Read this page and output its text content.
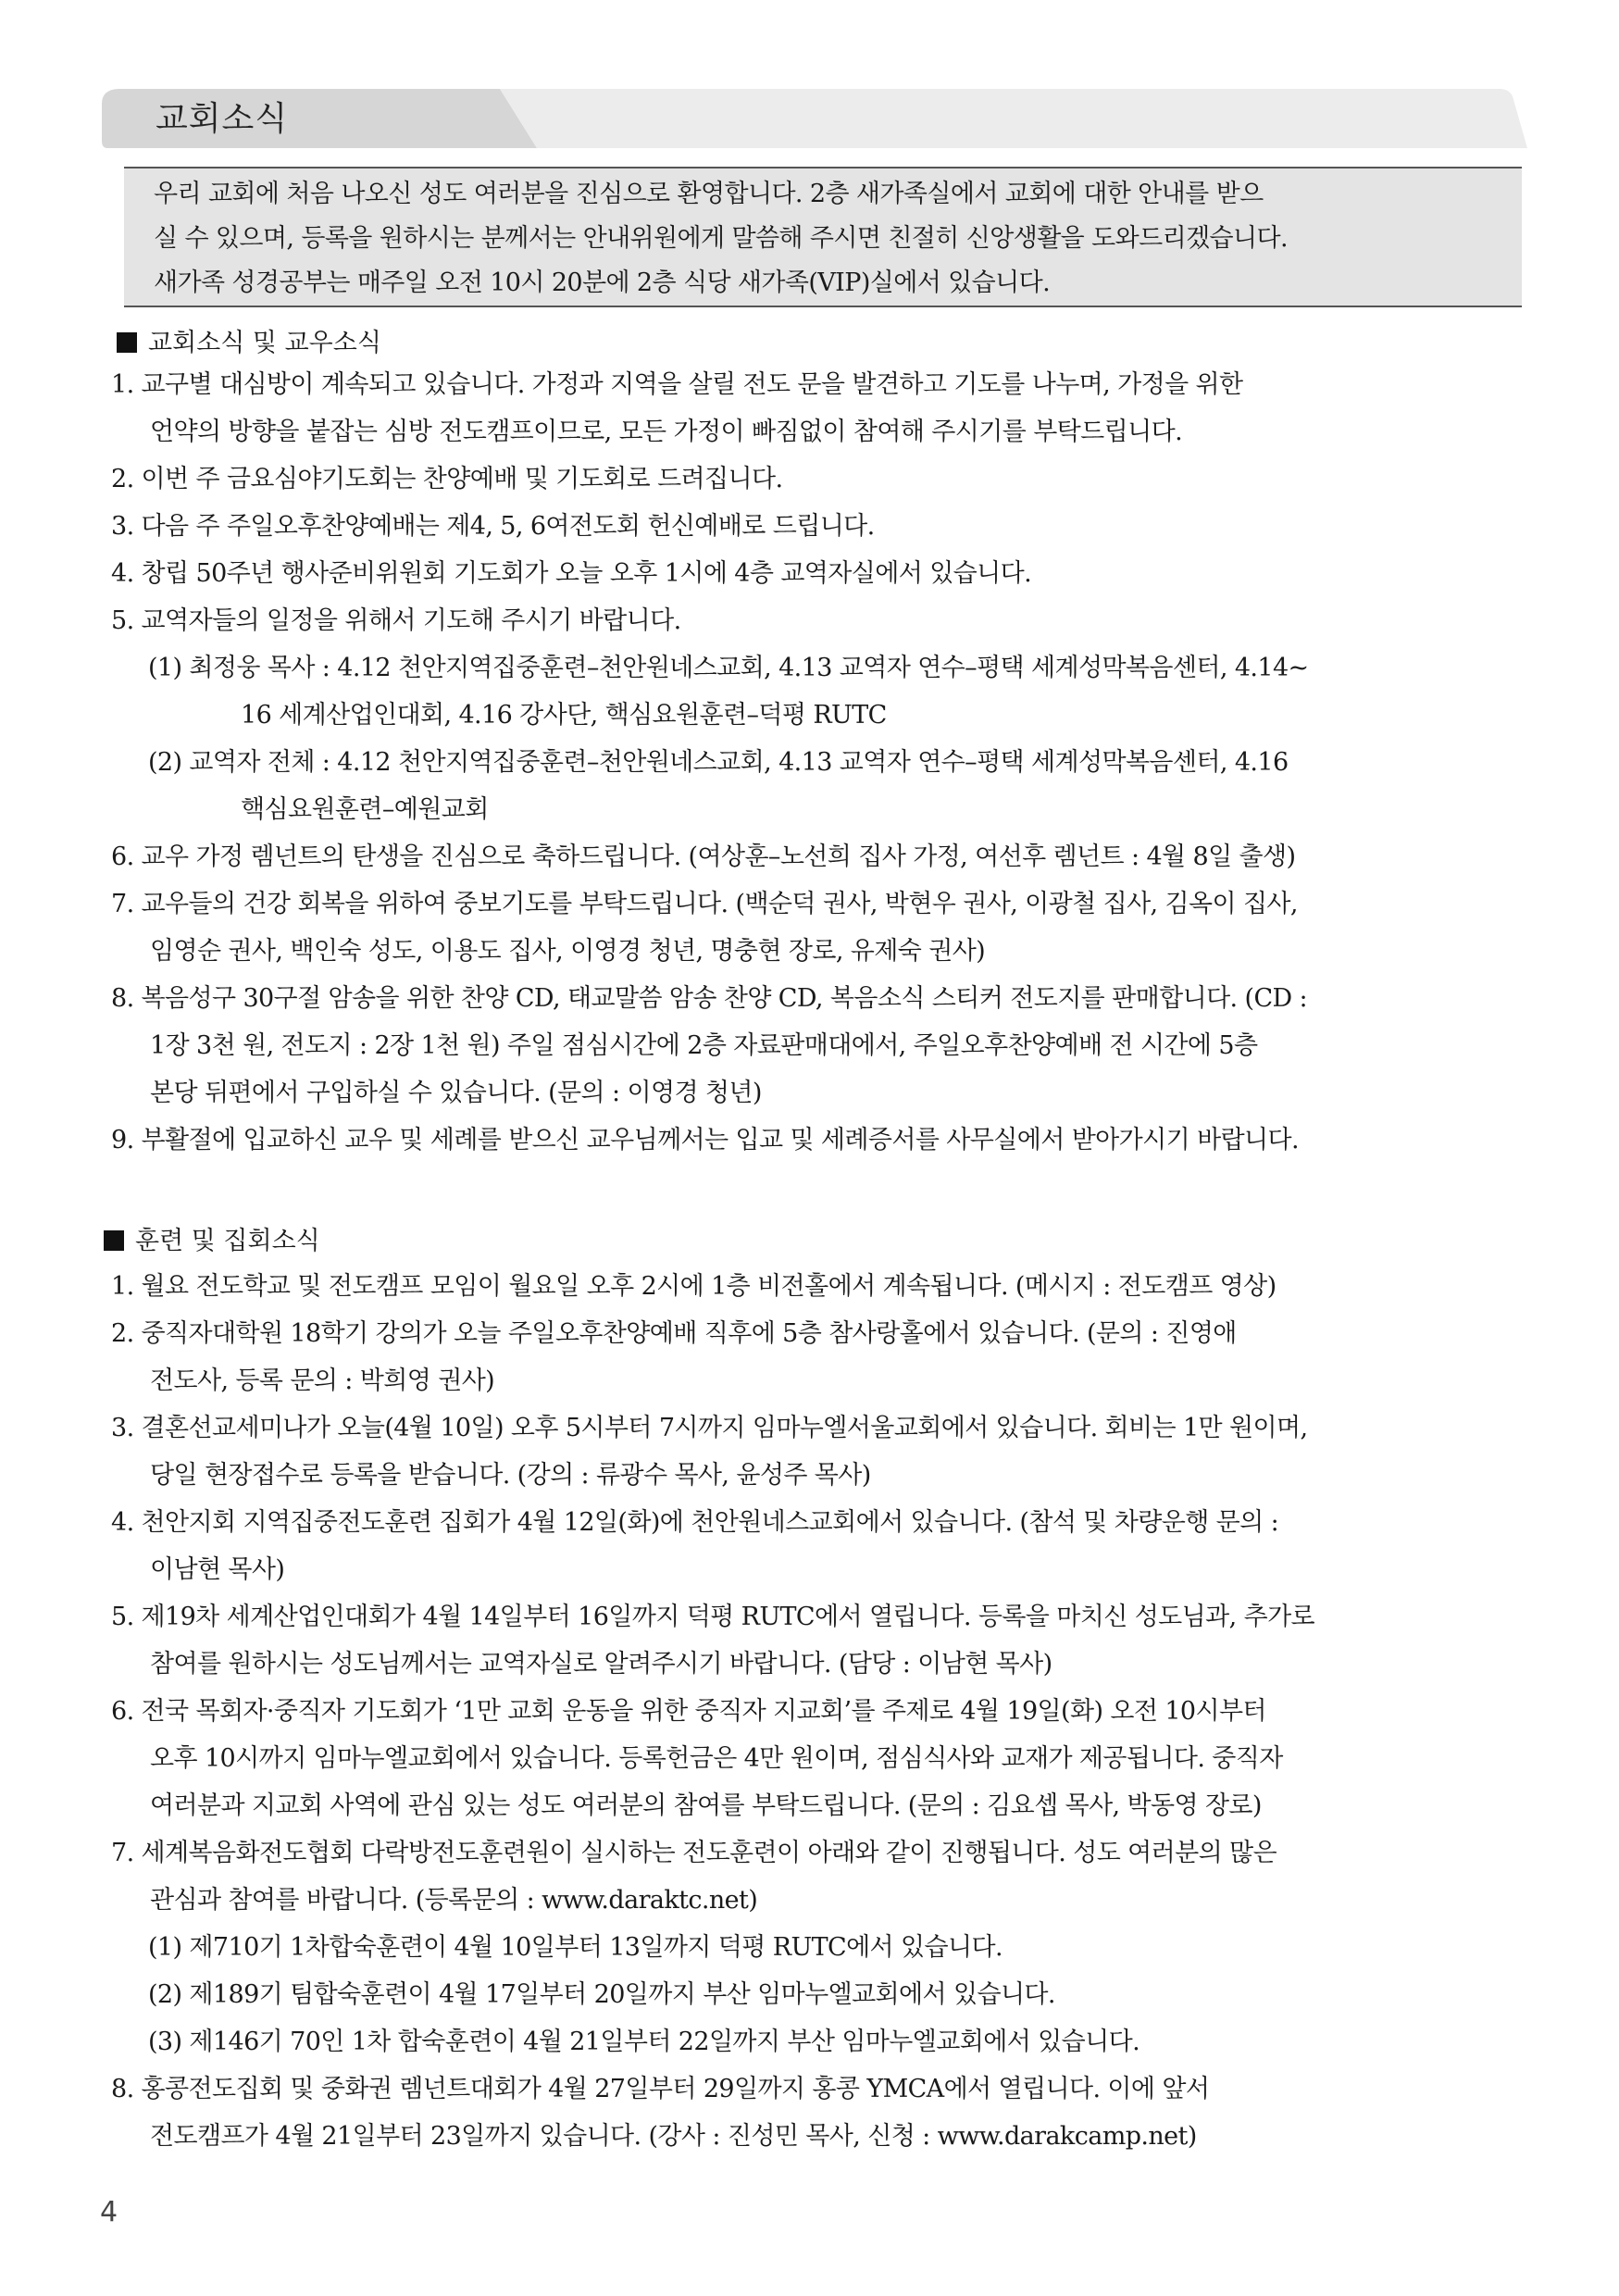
교회소식
우리 교회에 처음 나오신 성도 여러분을 진심으로 환영합니다. 2층 새가족실에서 교회에 대한 안내를 받으
실 수 있으며, 등록을 원하시는 분께서는 안내위원에게 말씀해 주시면 친절히 신앙생활을 도와드리겠습니다.
새가족 성경공부는 매주일 오전 10시 20분에 2층 식당 새가족(VIP)실에서 있습니다.
교회소식 및 교우소식
1. 교구별 대심방이 계속되고 있습니다. 가정과 지역을 살릴 전도 문을 발견하고 기도를 나누며, 가정을 위한
언약의 방향을 붙잡는 심방 전도캠프이므로, 모든 가정이 빠짐없이 참여해 주시기를 부탁드립니다.
2. 이번 주 금요심야기도회는 찬양예배 및 기도회로 드려집니다.
3. 다음 주 주일오후찬양예배는 제4, 5, 6여전도회 헌신예배로 드립니다.
4. 창립 50주년 행사준비위원회 기도회가 오늘 오후 1시에 4층 교역자실에서 있습니다.
5. 교역자들의 일정을 위해서 기도해 주시기 바랍니다.
(1) 최정웅 목사 : 4.12 천안지역집중훈련–천안원네스교회, 4.13 교역자 연수–평택 세계성막복음센터, 4.14~
16 세계산업인대회, 4.16 강사단, 핵심요원훈련–덕평 RUTC
(2) 교역자 전체 : 4.12 천안지역집중훈련–천안원네스교회, 4.13 교역자 연수–평택 세계성막복음센터, 4.16
핵심요원훈련–예원교회
6. 교우 가정 렘넌트의 탄생을 진심으로 축하드립니다. (여상훈–노선희 집사 가정, 여선후 렘넌트 : 4월 8일 출생)
7. 교우들의 건강 회복을 위하여 중보기도를 부탁드립니다. (백순덕 권사, 박현우 권사, 이광철 집사, 김옥이 집사,
임영순 권사, 백인숙 성도, 이용도 집사, 이영경 청년, 명충현 장로, 유제숙 권사)
8. 복음성구 30구절 암송을 위한 찬양 CD, 태교말씀 암송 찬양 CD, 복음소식 스티커 전도지를 판매합니다. (CD :
1장 3천 원, 전도지 : 2장 1천 원) 주일 점심시간에 2층 자료판매대에서, 주일오후찬양예배 전 시간에 5층
본당 뒤편에서 구입하실 수 있습니다. (문의 : 이영경 청년)
9. 부활절에 입교하신 교우 및 세례를 받으신 교우님께서는 입교 및 세례증서를 사무실에서 받아가시기 바랍니다.
훈련 및 집회소식
1. 월요 전도학교 및 전도캠프 모임이 월요일 오후 2시에 1층 비전홀에서 계속됩니다. (메시지 : 전도캠프 영상)
2. 중직자대학원 18학기 강의가 오늘 주일오후찬양예배 직후에 5층 참사랑홀에서 있습니다. (문의 : 진영애
전도사, 등록 문의 : 박희영 권사)
3. 결혼선교세미나가 오늘(4월 10일) 오후 5시부터 7시까지 임마누엘서울교회에서 있습니다. 회비는 1만 원이며,
당일 현장접수로 등록을 받습니다. (강의 : 류광수 목사, 윤성주 목사)
4. 천안지회 지역집중전도훈련 집회가 4월 12일(화)에 천안원네스교회에서 있습니다. (참석 및 차량운행 문의 :
이남현 목사)
5. 제19차 세계산업인대회가 4월 14일부터 16일까지 덕평 RUTC에서 열립니다. 등록을 마치신 성도님과, 추가로
참여를 원하시는 성도님께서는 교역자실로 알려주시기 바랍니다. (담당 : 이남현 목사)
6. 전국 목회자·중직자 기도회가 ‘1만 교회 운동을 위한 중직자 지교회’를 주제로 4월 19일(화) 오전 10시부터
오후 10시까지 임마누엘교회에서 있습니다. 등록헌금은 4만 원이며, 점심식사와 교재가 제공됩니다. 중직자
여러분과 지교회 사역에 관심 있는 성도 여러분의 참여를 부탁드립니다. (문의 : 김요셉 목사, 박동영 장로)
7. 세계복음화전도협회 다락방전도훈련원이 실시하는 전도훈련이 아래와 같이 진행됩니다. 성도 여러분의 많은
관심과 참여를 바랍니다. (등록문의 : www.daraktc.net)
(1) 제710기 1차합숙훈련이 4월 10일부터 13일까지 덕평 RUTC에서 있습니다.
(2) 제189기 팀합숙훈련이 4월 17일부터 20일까지 부산 임마누엘교회에서 있습니다.
(3) 제146기 70인 1차 합숙훈련이 4월 21일부터 22일까지 부산 임마누엘교회에서 있습니다.
8. 홍콩전도집회 및 중화권 렘넌트대회가 4월 27일부터 29일까지 홍콩 YMCA에서 열립니다. 이에 앞서
전도캠프가 4월 21일부터 23일까지 있습니다. (강사 : 진성민 목사, 신청 : www.darakcamp.net)
4
